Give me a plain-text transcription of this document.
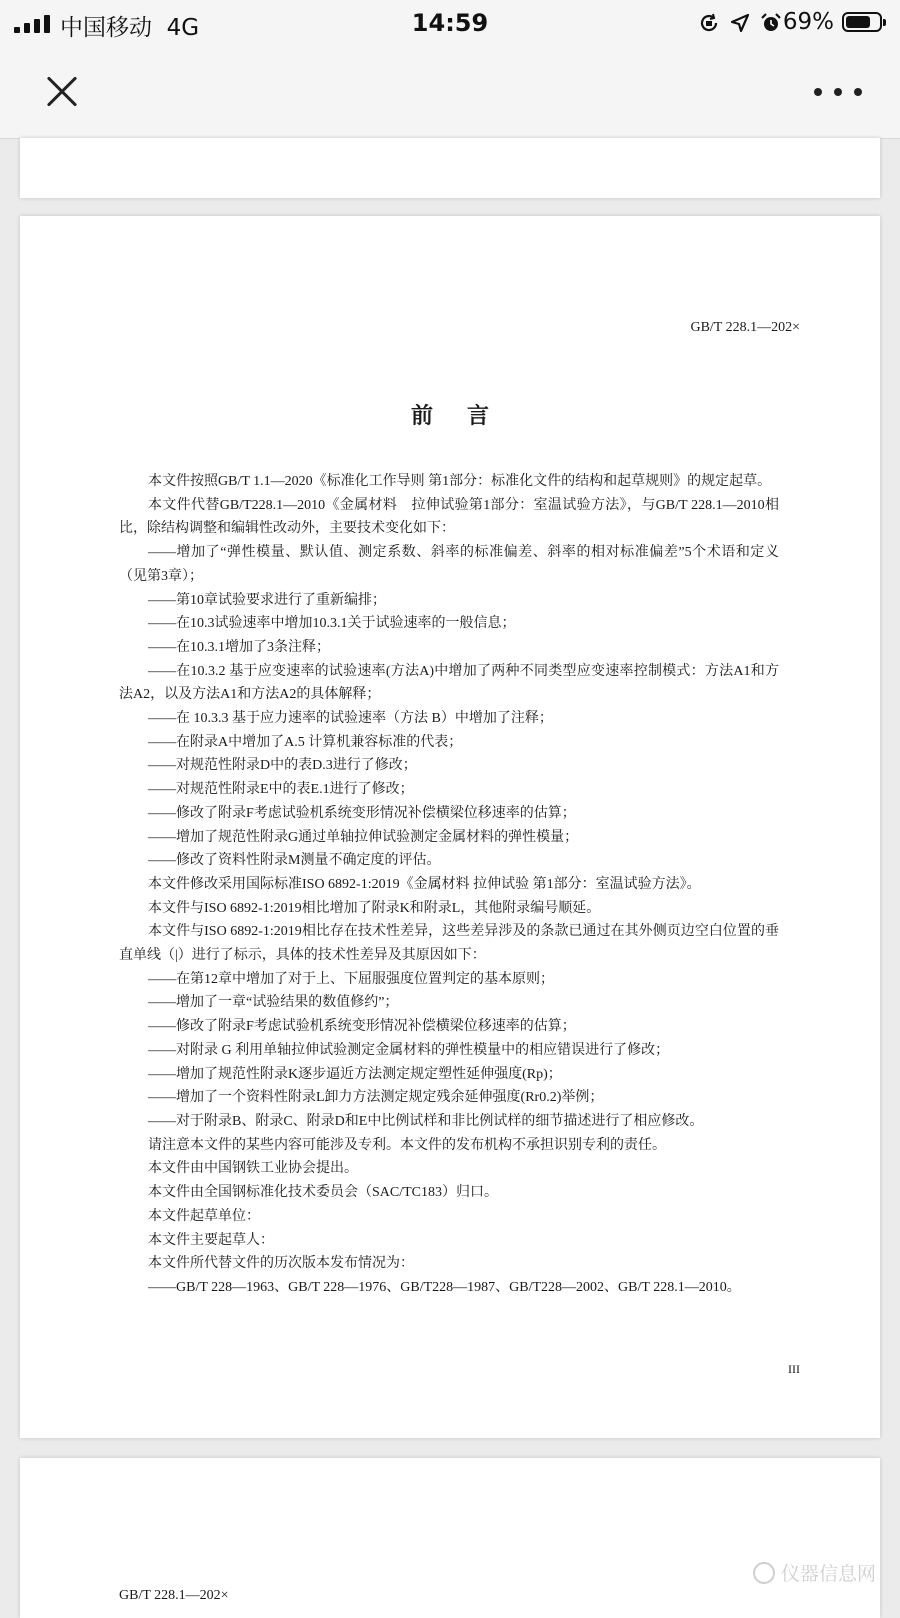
中国移动 4G	14:59	69%
GB/T 228.1—202×
前言

本文件按照GB/T 1.1—2020《标准化工作导则 第1部分：标准化文件的结构和起草规则》的规定起草。

本文件代替GB/T228.1—2010《金属材料　拉伸试验第1部分：室温试验方法》，与GB/T 228.1—2010相比，除结构调整和编辑性改动外，主要技术变化如下：

——增加了“弹性模量、默认值、测定系数、斜率的标准偏差、斜率的相对标准偏差”5个术语和定义（见第3章）；

——第10章试验要求进行了重新编排；

——在10.3试验速率中增加10.3.1关于试验速率的一般信息；

——在10.3.1增加了3条注释；

——在10.3.2 基于应变速率的试验速率(方法A)中增加了两种不同类型应变速率控制模式：方法A1和方法A2，以及方法A1和方法A2的具体解释；

——在 10.3.3 基于应力速率的试验速率（方法 B）中增加了注释；

——在附录A中增加了A.5 计算机兼容标准的代表；

——对规范性附录D中的表D.3进行了修改；

——对规范性附录E中的表E.1进行了修改；

——修改了附录F考虑试验机系统变形情况补偿横梁位移速率的估算；

——增加了规范性附录G通过单轴拉伸试验测定金属材料的弹性模量；

——修改了资料性附录M测量不确定度的评估。

本文件修改采用国际标准ISO 6892-1:2019《金属材料 拉伸试验 第1部分：室温试验方法》。

本文件与ISO 6892-1:2019相比增加了附录K和附录L，其他附录编号顺延。

本文件与ISO 6892-1:2019相比存在技术性差异，这些差异涉及的条款已通过在其外侧页边空白位置的垂直单线（|）进行了标示，具体的技术性差异及其原因如下：

——在第12章中增加了对于上、下屈服强度位置判定的基本原则；

——增加了一章“试验结果的数值修约”；

——修改了附录F考虑试验机系统变形情况补偿横梁位移速率的估算；

——对附录 G 利用单轴拉伸试验测定金属材料的弹性模量中的相应错误进行了修改；

——增加了规范性附录K逐步逼近方法测定规定塑性延伸强度(Rp)；

——增加了一个资料性附录L卸力方法测定规定残余延伸强度(Rr0.2)举例；

——对于附录B、附录C、附录D和E中比例试样和非比例试样的细节描述进行了相应修改。

请注意本文件的某些内容可能涉及专利。本文件的发布机构不承担识别专利的责任。

本文件由中国钢铁工业协会提出。

本文件由全国钢标准化技术委员会（SAC/TC183）归口。

本文件起草单位：

本文件主要起草人：

本文件所代替文件的历次版本发布情况为：

——GB/T 228—1963、GB/T 228—1976、GB/T228—1987、GB/T228—2002、GB/T 228.1—2010。

III
GB/T 228.1—202×
仪器信息网
